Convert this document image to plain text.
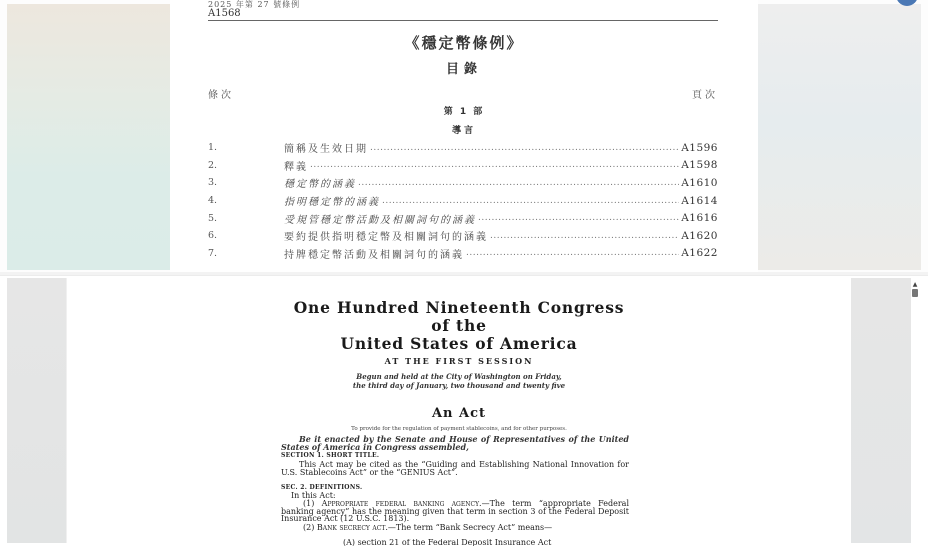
2025 年第 27 號條例
A1568
《穩定幣條例》
目錄
條次	頁次
第 1 部
導言
1.	簡稱及生效日期 .....	A1596
2.	釋義 .....	A1598
3.	穩定幣的涵義 .....	A1610
4.	指明穩定幣的涵義 .....	A1614
5.	受規管穩定幣活動及相關詞句的涵義 .....	A1616
6.	要約提供指明穩定幣及相關詞句的涵義 .....	A1620
7.	持牌穩定幣活動及相關詞句的涵義 .....	A1622
▲
One Hundred Nineteenth Congress
of the
United States of America
AT THE FIRST SESSION
Begun and held at the City of Washington on Friday,
the third day of January, two thousand and twenty five
An Act
To provide for the regulation of payment stablecoins, and for other purposes.
Be it enacted by the Senate and House of Representatives of the United States of America in Congress assembled,
SECTION 1. SHORT TITLE.
This Act may be cited as the “Guiding and Establishing National Innovation for U.S. Stablecoins Act” or the “GENIUS Act”.
SEC. 2. DEFINITIONS.
In this Act:
(1) Appropriate federal banking agency.—The term “appropriate Federal banking agency” has the meaning given that term in section 3 of the Federal Deposit Insurance Act (12 U.S.C. 1813).
(2) Bank secrecy act.—The term “Bank Secrecy Act” means—
(A) section 21 of the Federal Deposit Insurance Act
